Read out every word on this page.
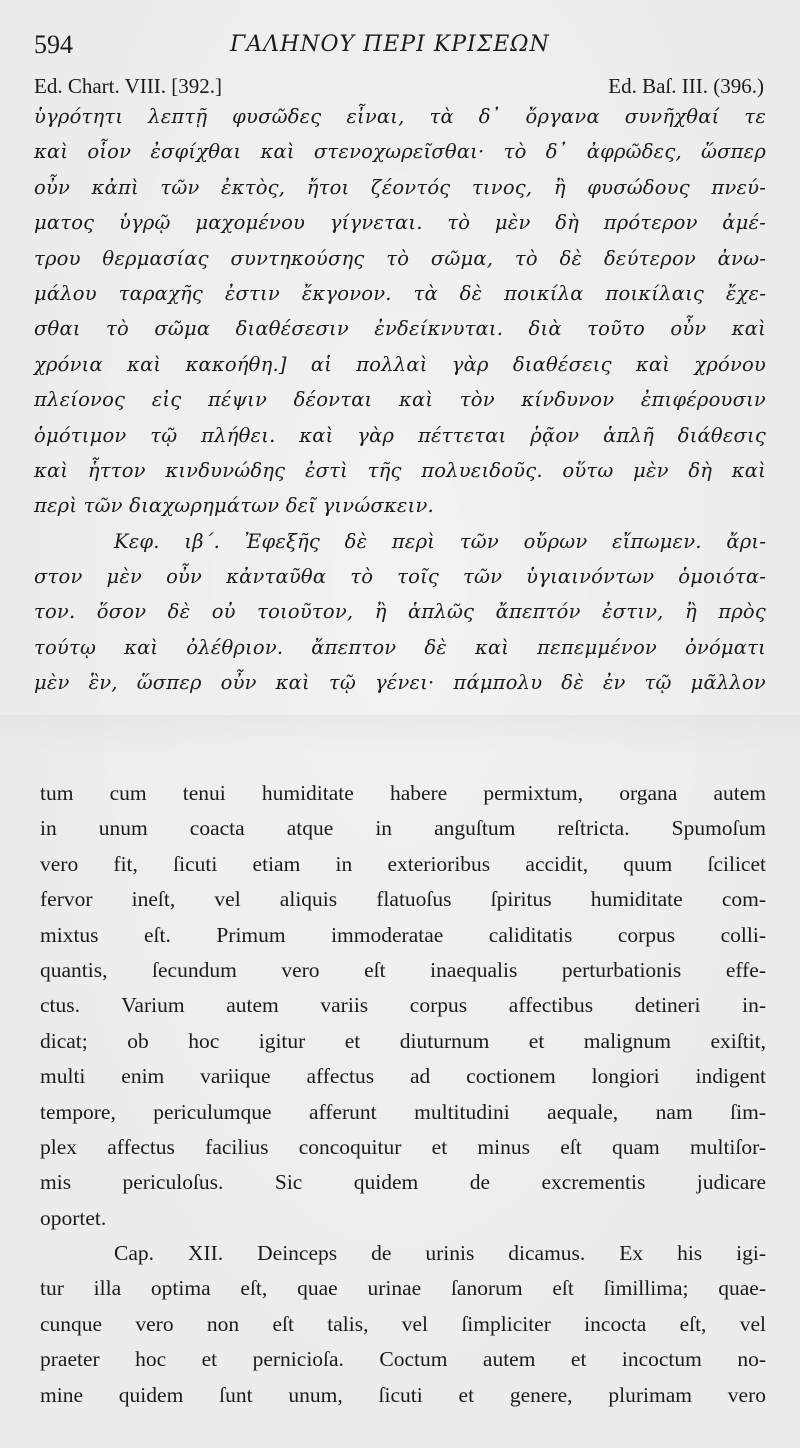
594	ΓΑΛΗΝΟΥ ΠΕΡΙ ΚΡΙΣΕΩΝ
Ed. Chart. VIII. [392.]	Ed. Baſ. III. (396.)
ὑγρότητι λεπτῇ φυσῶδες εἶναι, τὰ δ᾿ ὄργανα συνῆχθαί τε
καὶ οἷον ἐσφίχθαι καὶ στενοχωρεῖσθαι· τὸ δ᾿ ἀφρῶδες, ὥσπερ
οὖν κἀπὶ τῶν ἐκτὸς, ἤτοι ζέοντός τινος, ἢ φυσώδους πνεύ-
ματος ὑγρῷ μαχομένου γίγνεται. τὸ μὲν δὴ πρότερον ἀμέ-
τρου θερμασίας συντηκούσης τὸ σῶμα, τὸ δὲ δεύτερον ἀνω-
μάλου ταραχῆς ἐστιν ἔκγονον. τὰ δὲ ποικίλα ποικίλαις ἔχε-
σθαι τὸ σῶμα διαθέσεσιν ἐνδείκνυται. διὰ τοῦτο οὖν καὶ
χρόνια καὶ κακοήθη.] αἱ πολλαὶ γὰρ διαθέσεις καὶ χρόνου
πλείονος εἰς πέψιν δέονται καὶ τὸν κίνδυνον ἐπιφέρουσιν
ὁμότιμον τῷ πλήθει. καὶ γὰρ πέττεται ῥᾷον ἁπλῆ διάθεσις
καὶ ἧττον κινδυνώδης ἐστὶ τῆς πολυειδοῦς. οὕτω μὲν δὴ καὶ
περὶ τῶν διαχωρημάτων δεῖ γινώσκειν.
Κεφ. ιβ΄. Ἐφεξῆς δὲ περὶ τῶν οὔρων εἴπωμεν. ἄρι-
στον μὲν οὖν κἀνταῦθα τὸ τοῖς τῶν ὑγιαινόντων ὁμοιότα-
τον. ὅσον δὲ οὐ τοιοῦτον, ἢ ἁπλῶς ἄπεπτόν ἐστιν, ἢ πρὸς
τούτῳ καὶ ὀλέθριον. ἄπεπτον δὲ καὶ πεπεμμένον ὀνόματι
μὲν ἓν, ὥσπερ οὖν καὶ τῷ γένει· πάμπολυ δὲ ἐν τῷ μᾶλλον
tum cum tenui humiditate habere permixtum, organa autem
in unum coacta atque in anguſtum reſtricta. Spumoſum
vero fit, ſicuti etiam in exterioribus accidit, quum ſcilicet
fervor ineſt, vel aliquis flatuoſus ſpiritus humiditate com-
mixtus eſt. Primum immoderatae caliditatis corpus colli-
quantis, ſecundum vero eſt inaequalis perturbationis effe-
ctus. Varium autem variis corpus affectibus detineri in-
dicat; ob hoc igitur et diuturnum et malignum exiſtit,
multi enim variique affectus ad coctionem longiori indigent
tempore, periculumque afferunt multitudini aequale, nam ſim-
plex affectus facilius concoquitur et minus eſt quam multiſor-
mis periculoſus. Sic quidem de excrementis judicare
oportet.
Cap. XII. Deinceps de urinis dicamus. Ex his igi-
tur illa optima eſt, quae urinae ſanorum eſt ſimillima; quae-
cunque vero non eſt talis, vel ſimpliciter incocta eſt, vel
praeter hoc et pernicioſa. Coctum autem et incoctum no-
mine quidem ſunt unum, ſicuti et genere, plurimam vero
